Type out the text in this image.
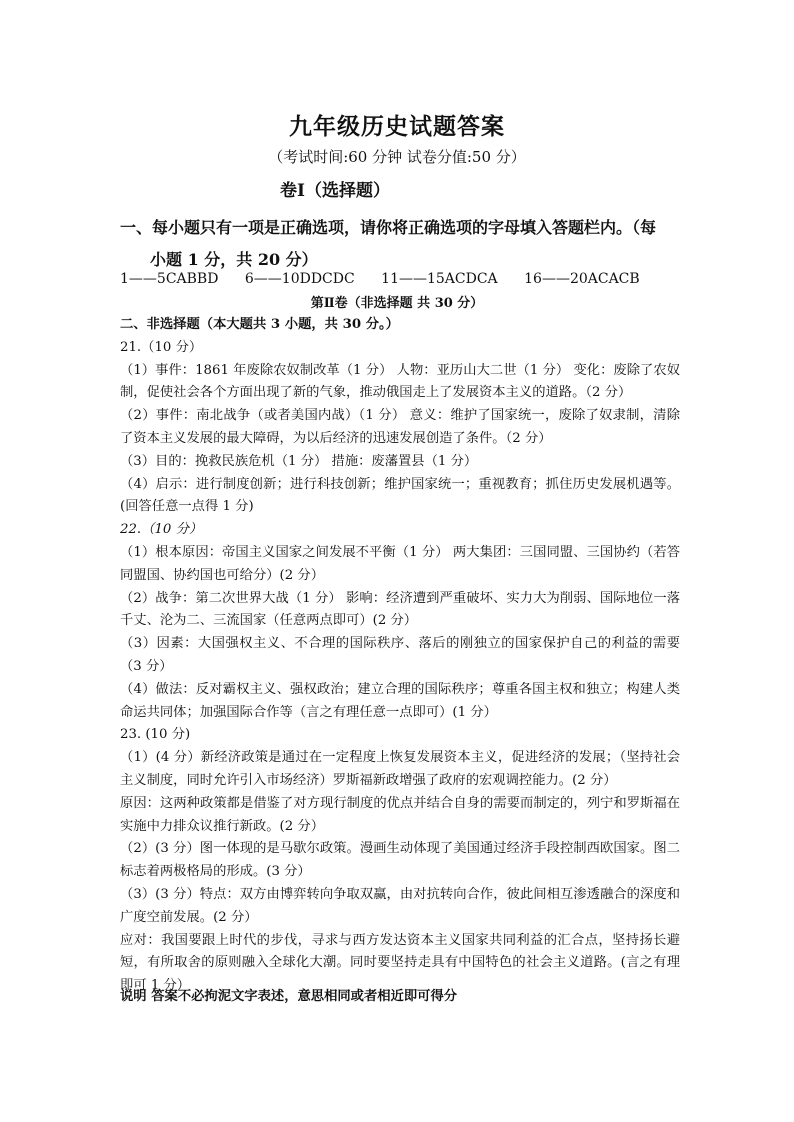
九年级历史试题答案
（考试时间:60 分钟 试卷分值:50 分）
卷Ⅰ（选择题）
一、每小题只有一项是正确选项，请你将正确选项的字母填入答题栏内。（每
小题 1 分，共 20 分）
1——5CABBD 6——10DDCDC 11——15ACDCA 16——20ACACB
第Ⅱ卷（非选择题 共 30 分）

二、非选择题（本大题共 3 小题，共 30 分。）

21.（10 分）

（1）事件：1861 年废除农奴制改革（1 分） 人物：亚历山大二世（1 分） 变化：废除了农奴制，促使社会各个方面出现了新的气象，推动俄国走上了发展资本主义的道路。（2 分）

（2）事件：南北战争（或者美国内战）（1 分） 意义：维护了国家统一，废除了奴隶制，清除了资本主义发展的最大障碍，为以后经济的迅速发展创造了条件。（2 分）

（3）目的：挽救民族危机（1 分） 措施：废藩置县（1 分）

（4）启示：进行制度创新；进行科技创新；维护国家统一；重视教育；抓住历史发展机遇等。(回答任意一点得 1 分)

22.（10 分）

（1）根本原因：帝国主义国家之间发展不平衡（1 分） 两大集团：三国同盟、三国协约（若答同盟国、协约国也可给分）(2 分）

（2）战争：第二次世界大战（1 分） 影响：经济遭到严重破坏、实力大为削弱、国际地位一落千丈、沦为二、三流国家（任意两点即可）(2 分）

（3）因素：大国强权主义、不合理的国际秩序、落后的刚独立的国家保护自己的利益的需要（3 分）

（4）做法：反对霸权主义、强权政治；建立合理的国际秩序；尊重各国主权和独立；构建人类命运共同体；加强国际合作等（言之有理任意一点即可）(1 分）

23. (10 分)

（1）(4 分）新经济政策是通过在一定程度上恢复发展资本主义，促进经济的发展；（坚持社会主义制度，同时允许引入市场经济）罗斯福新政增强了政府的宏观调控能力。(2 分）

原因：这两种政策都是借鉴了对方现行制度的优点并结合自身的需要而制定的，列宁和罗斯福在实施中力排众议推行新政。(2 分）

（2）(3 分）图一体现的是马歇尔政策。漫画生动体现了美国通过经济手段控制西欧国家。图二标志着两极格局的形成。(3 分）

（3）(3 分）特点：双方由博弈转向争取双赢，由对抗转向合作，彼此间相互渗透融合的深度和广度空前发展。(2 分）

应对：我国要跟上时代的步伐，寻求与西方发达资本主义国家共同利益的汇合点，坚持扬长避短，有所取舍的原则融入全球化大潮。同时要坚持走具有中国特色的社会主义道路。(言之有理即可 1 分）

说明 答案不必拘泥文字表述，意思相同或者相近即可得分
